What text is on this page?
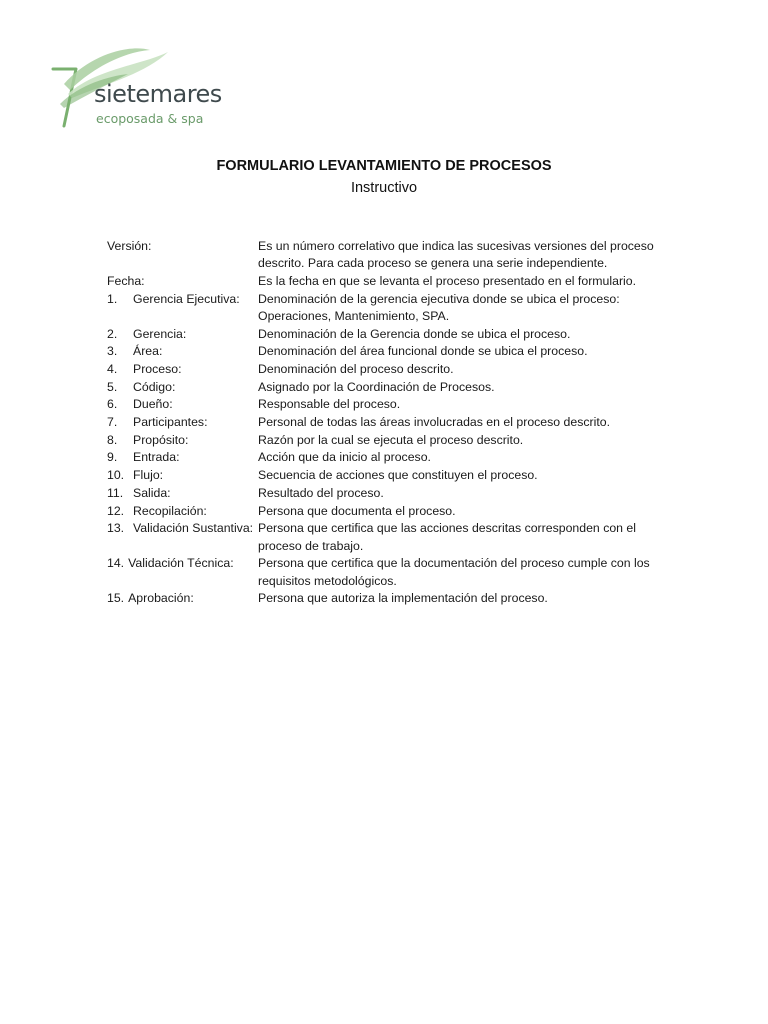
sietemares
ecoposada & spa
FORMULARIO LEVANTAMIENTO DE PROCESOS
Instructivo
Versión:	Es un número correlativo que indica las sucesivas versiones del proceso descrito. Para cada proceso se genera una serie independiente.
Fecha:	Es la fecha en que se levanta el proceso presentado en el formulario.
1. Gerencia Ejecutiva:	Denominación de la gerencia ejecutiva donde se ubica el proceso: Operaciones, Mantenimiento, SPA.
2. Gerencia:	Denominación de la Gerencia donde se ubica el proceso.
3. Área:	Denominación del área funcional donde se ubica el proceso.
4. Proceso:	Denominación del proceso descrito.
5. Código:	Asignado por la Coordinación de Procesos.
6. Dueño:	Responsable del proceso.
7. Participantes:	Personal de todas las áreas involucradas en el proceso descrito.
8. Propósito:	Razón por la cual se ejecuta el proceso descrito.
9. Entrada:	Acción que da inicio al proceso.
10. Flujo:	Secuencia de acciones que constituyen el proceso.
11. Salida:	Resultado del proceso.
12. Recopilación:	Persona que documenta el proceso.
13. Validación Sustantiva: Persona que certifica que las acciones descritas corresponden con el proceso de trabajo.
14. Validación Técnica:	Persona que certifica que la documentación del proceso cumple con los requisitos metodológicos.
15. Aprobación:	Persona que autoriza la implementación del proceso.
